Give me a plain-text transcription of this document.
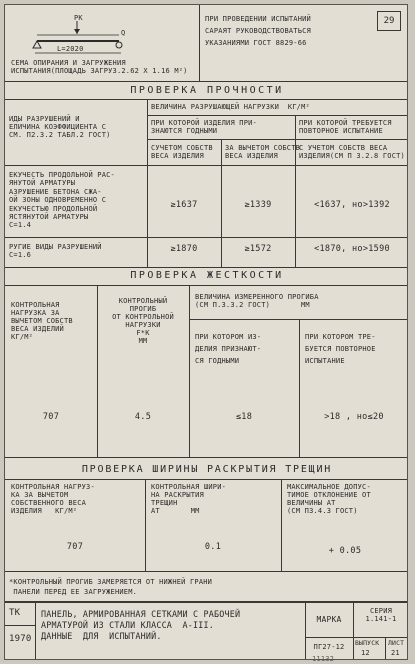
29
PK
Q
L=2020
СЕМА ОПИРАНИЯ И ЗАГРУЖЕНИЯ
ИСПЫТАНИЯ(ПЛОЩАДЬ ЗАГРУЗ.2.62 Х 1.16 М²)
ПРИ ПРОВЕДЕНИИ ИСПЫТАНИЙ
САРАЯТ РУКОВОДСТВОВАТЬСЯ
УКАЗАНИЯМИ ГОСТ 8829-66
ПРОВЕРКА ПРОЧНОСТИ
ИДЫ РАЗРУШЕНИЙ И
ЕЛИЧИНА КОЭФФИЦИЕНТА С
СМ. П2.3.2 ТАБЛ.2 ГОСТ)
ВЕЛИЧИНА РАЗРУШАЮЩЕЙ НАГРУЗКИ  КГ/М²
ПРИ КОТОРОЙ ИЗДЕЛИЯ ПРИ-
ЗНАЮТСЯ ГОДНЫМИ
ПРИ КОТОРОЙ ТРЕБУЕТСЯ
ПОВТОРНОЕ ИСПЫТАНИЕ
СУЧЕТОМ СОБСТВ
ВЕСА ИЗДЕЛИЯ
ЗА ВЫЧЕТОМ СОБСТВ
ВЕСА ИЗДЕЛИЯ
С УЧЕТОМ СОБСТВ ВЕСА
ИЗДЕЛИЯ(СМ П 3.2.8 ГОСТ)
ЕКУЧЕСТЬ ПРОДОЛЬНОЙ РАС-
ЯНУТОЙ АРМАТУРЫ
АЗРУШЕНИЕ БЕТОНА СЖА-
ОЙ ЗОНЫ ОДНОВРЕМЕННО С
ЕКУЧЕСТЬЮ ПРОДОЛЬНОЙ
ЯСТЯНУТОЙ АРМАТУРЫ
C=1.4
≥1637	≥1339	<1637, но>1392
РУГИЕ ВИДЫ РАЗРУШЕНИЙ
C=1.6
≥1870	≥1572	<1870, но>1590
ПРОВЕРКА ЖЕСТКОСТИ
КОНТРОЛЬНАЯ
НАГРУЗКА ЗА
ВЫЧЕТОМ СОБСТВ
ВЕСА ИЗДЕЛИЙ
КГ/М²
КОНТРОЛЬНЫЙ
ПРОГИБ
ОТ КОНТРОЛЬНОЙ
НАГРУЗКИ
F*К
ММ
ВЕЛИЧИНА ИЗМЕРЕННОГО ПРОГИБА
(СМ П.3.3.2 ГОСТ)       ММ
ПРИ КОТОРОМ ИЗ-
ДЕЛИЯ ПРИЗНАЮТ-
СЯ ГОДНЫМИ
ПРИ КОТОРОМ ТРЕ-
БУЕТСЯ ПОВТОРНОЕ
ИСПЫТАНИЕ
707	4.5	≤18	>18 , но≤20
ПРОВЕРКА ШИРИНЫ РАСКРЫТИЯ ТРЕЩИН
КОНТРОЛЬНАЯ НАГРУЗ-
КА ЗА ВЫЧЕТОМ
СОБСТВЕННОГО ВЕСА
ИЗДЕЛИЯ   КГ/М²
КОНТРОЛЬНАЯ ШИРИ-
НА РАСКРЫТИЯ
ТРЕЩИН
AТ       ММ
МАКСИМАЛЬНОЕ ДОПУС-
ТИМОЕ ОТКЛОНЕНИЕ ОТ
ВЕЛИЧИНЫ AТ
(СМ П3.4.3 ГОСТ)
707	0.1	+ 0.05
*КОНТРОЛЬНЫЙ ПРОГИБ ЗАМЕРЯЕТСЯ ОТ НИЖНЕЙ ГРАНИ
ПАНЕЛИ ПЕРЕД ЕЕ ЗАГРУЖЕНИЕМ.
ТК
1970
ПАНЕЛЬ, АРМИРОВАННАЯ СЕТКАМИ С РАБОЧЕЙ
АРМАТУРОЙ ИЗ СТАЛИ КЛАССА  А-III.
ДАННЫЕ  ДЛЯ  ИСПЫТАНИЙ.
МАРКА
ПГ27-12
СЕРИЯ
1.141-1
ВЫПУСК
12
ЛИСТ
21
11132
